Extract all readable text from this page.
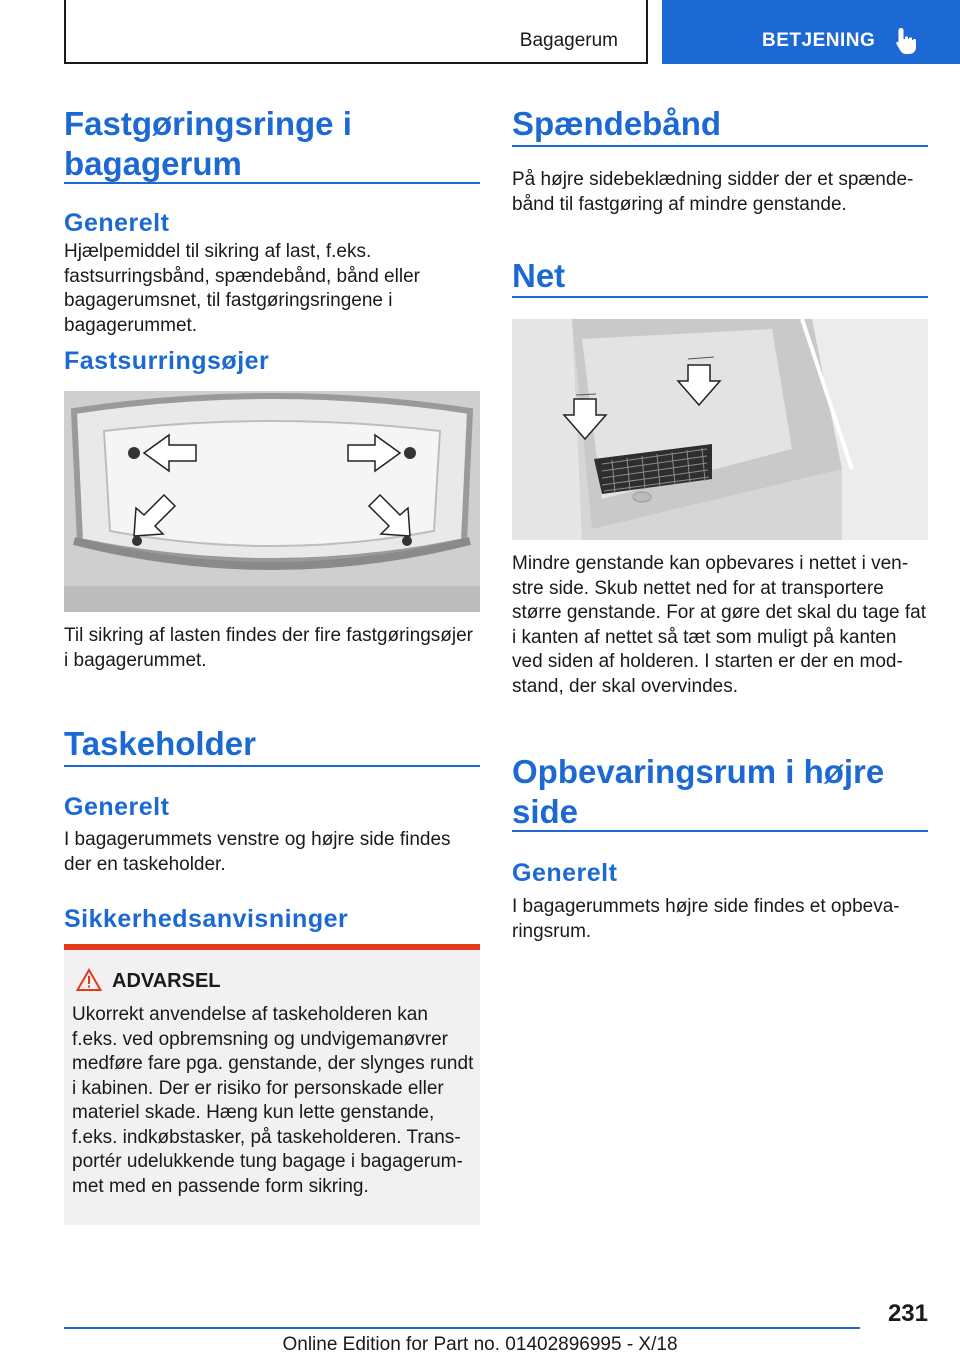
Bagagerum	BETJENING
Fastgøringsringe i bagagerum
Generelt

Hjælpemiddel til sikring af last, f.eks. fastsurringsbånd, spændebånd, bånd eller bagagerumsnet, til fastgøringsringene i bagagerummet.

Fastsurringsøjer

Til sikring af lasten findes der fire fastgøringsøjer i bagagerummet.

Taskeholder
Generelt

I bagagerummets venstre og højre side findes der en taskeholder.

Sikkerhedsanvisninger
ADVARSEL

Ukorrekt anvendelse af taskeholderen kan f.eks. ved opbremsning og undvigemanøvrer medføre fare pga. genstande, der slynges rundt i kabinen. Der er risiko for personskade eller materiel skade. Hæng kun lette genstande, f.eks. indkøbstasker, på taskeholderen. Transportér udelukkende tung bagage i bagagerummet med en passende form sikring.

Spændebånd

På højre sidebeklædning sidder der et spændebånd til fastgøring af mindre genstande.

Net

Mindre genstande kan opbevares i nettet i venstre side. Skub nettet ned for at transportere større genstande. For at gøre det skal du tage fat i kanten af nettet så tæt som muligt på kanten ved siden af holderen. I starten er der en modstand, der skal overvindes.

Opbevaringsrum i højre side
Generelt

I bagagerummets højre side findes et opbevaringsrum.

231
Online Edition for Part no. 01402896995 - X/18
